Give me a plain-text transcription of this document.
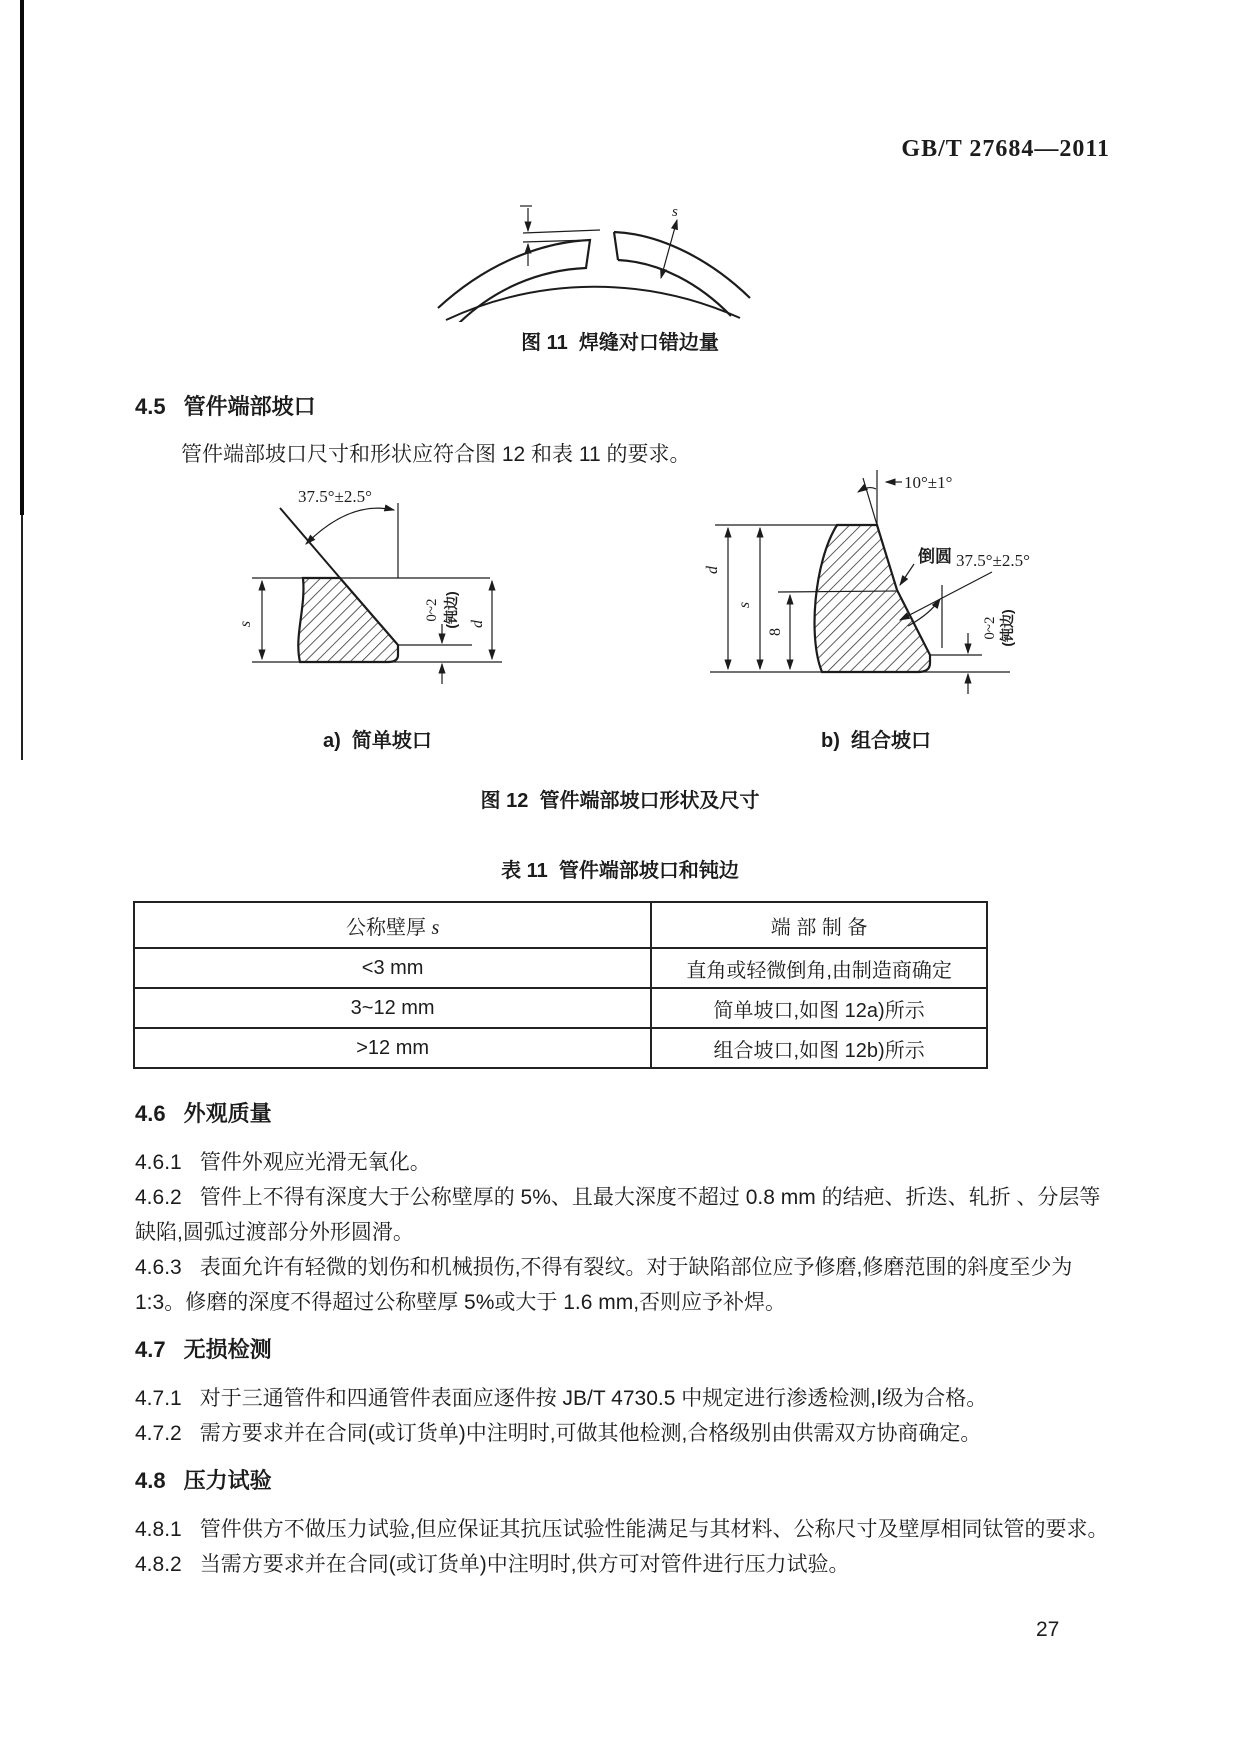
GB/T 27684—2011
s
图 11  焊缝对口错边量
4.5 管件端部坡口
管件端部坡口尺寸和形状应符合图 12 和表 11 的要求。
37.5°±2.5°
s	d
0~2 (钝边)
10°±1°
倒圆 37.5°±2.5°
d
s
8	0~2 (钝边)
a)  简单坡口	b)  组合坡口
图 12  管件端部坡口形状及尺寸
表 11  管件端部坡口和钝边
公称壁厚 s	端 部 制 备
<3 mm	直角或轻微倒角,由制造商确定
3~12 mm	简单坡口,如图 12a)所示
>12 mm	组合坡口,如图 12b)所示
4.6 外观质量

4.6.1 管件外观应光滑无氧化。

4.6.2 管件上不得有深度大于公称壁厚的 5%、且最大深度不超过 0.8 mm 的结疤、折迭、轧折 、分层等缺陷,圆弧过渡部分外形圆滑。

4.6.3 表面允许有轻微的划伤和机械损伤,不得有裂纹。对于缺陷部位应予修磨,修磨范围的斜度至少为 1:3。修磨的深度不得超过公称壁厚 5%或大于 1.6 mm,否则应予补焊。

4.7 无损检测

4.7.1 对于三通管件和四通管件表面应逐件按 JB/T 4730.5 中规定进行渗透检测,Ⅰ级为合格。

4.7.2 需方要求并在合同(或订货单)中注明时,可做其他检测,合格级别由供需双方协商确定。

4.8 压力试验

4.8.1 管件供方不做压力试验,但应保证其抗压试验性能满足与其材料、公称尺寸及壁厚相同钛管的要求。

4.8.2 当需方要求并在合同(或订货单)中注明时,供方可对管件进行压力试验。

27
